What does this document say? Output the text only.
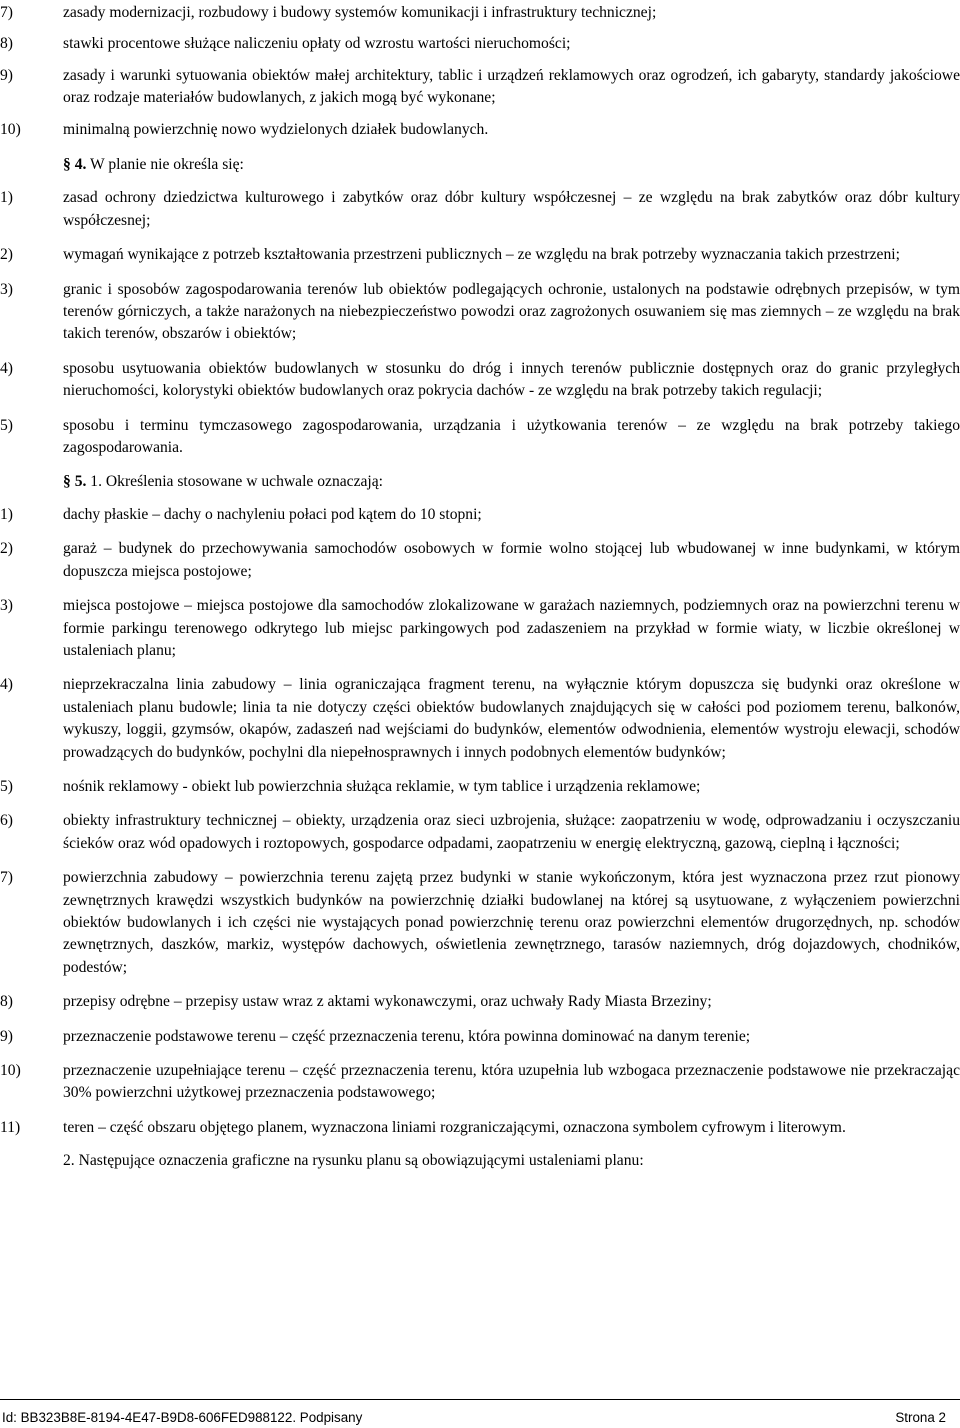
7)	zasady modernizacji, rozbudowy i budowy systemów komunikacji i infrastruktury technicznej;

8)	stawki procentowe służące naliczeniu opłaty od wzrostu wartości nieruchomości;

9)	zasady i warunki sytuowania obiektów małej architektury, tablic i urządzeń reklamowych oraz ogrodzeń, ich gabaryty, standardy jakościowe oraz rodzaje materiałów budowlanych, z jakich mogą być wykonane;

10)	minimalną powierzchnię nowo wydzielonych działek budowlanych.

§ 4. W planie nie określa się:

1)	zasad ochrony dziedzictwa kulturowego i zabytków oraz dóbr kultury współczesnej – ze względu na brak zabytków oraz dóbr kultury współczesnej;

2)	wymagań wynikające z potrzeb kształtowania przestrzeni publicznych – ze względu na brak potrzeby wyznaczania takich przestrzeni;

3)	granic i sposobów zagospodarowania terenów lub obiektów podlegających ochronie, ustalonych na podstawie odrębnych przepisów, w tym terenów górniczych, a także narażonych na niebezpieczeństwo powodzi oraz zagrożonych osuwaniem się mas ziemnych – ze względu na brak takich terenów, obszarów i obiektów;

4)	sposobu usytuowania obiektów budowlanych w stosunku do dróg i innych terenów publicznie dostępnych oraz do granic przyległych nieruchomości, kolorystyki obiektów budowlanych oraz pokrycia dachów - ze względu na brak potrzeby takich regulacji;

5)	sposobu i terminu tymczasowego zagospodarowania, urządzania i użytkowania terenów – ze względu na brak potrzeby takiego zagospodarowania.

§ 5. 1. Określenia stosowane w uchwale oznaczają:

1)	dachy płaskie – dachy o nachyleniu połaci pod kątem do 10 stopni;

2)	garaż – budynek do przechowywania samochodów osobowych w formie wolno stojącej lub wbudowanej w inne budynkami, w którym dopuszcza miejsca postojowe;

3)	miejsca postojowe – miejsca postojowe dla samochodów zlokalizowane w garażach naziemnych, podziemnych oraz na powierzchni terenu w formie parkingu terenowego odkrytego lub miejsc parkingowych pod zadaszeniem na przykład w formie wiaty, w liczbie określonej w ustaleniach planu;

4)	nieprzekraczalna linia zabudowy – linia ograniczająca fragment terenu, na wyłącznie którym dopuszcza się budynki oraz określone w ustaleniach planu budowle; linia ta nie dotyczy części obiektów budowlanych znajdujących się w całości pod poziomem terenu, balkonów, wykuszy, loggii, gzymsów, okapów, zadaszeń nad wejściami do budynków, elementów odwodnienia, elementów wystroju elewacji, schodów prowadzących do budynków, pochylni dla niepełnosprawnych i innych podobnych elementów budynków;

5)	nośnik reklamowy - obiekt lub powierzchnia służąca reklamie, w tym tablice i urządzenia reklamowe;

6)	obiekty infrastruktury technicznej – obiekty, urządzenia oraz sieci uzbrojenia, służące: zaopatrzeniu w wodę, odprowadzaniu i oczyszczaniu ścieków oraz wód opadowych i roztopowych, gospodarce odpadami, zaopatrzeniu w energię elektryczną, gazową, cieplną i łączności;

7)	powierzchnia zabudowy – powierzchnia terenu zajętą przez budynki w stanie wykończonym, która jest wyznaczona przez rzut pionowy zewnętrznych krawędzi wszystkich budynków na powierzchnię działki budowlanej na której są usytuowane, z wyłączeniem powierzchni obiektów budowlanych i ich części nie wystających ponad powierzchnię terenu oraz powierzchni elementów drugorzędnych, np. schodów zewnętrznych, daszków, markiz, występów dachowych, oświetlenia zewnętrznego, tarasów naziemnych, dróg dojazdowych, chodników, podestów;

8)	przepisy odrębne – przepisy ustaw wraz z aktami wykonawczymi, oraz uchwały Rady Miasta Brzeziny;

9)	przeznaczenie podstawowe terenu – część przeznaczenia terenu, która powinna dominować na danym terenie;

10)	przeznaczenie uzupełniające terenu – część przeznaczenia terenu, która uzupełnia lub wzbogaca przeznaczenie podstawowe nie przekraczając 30% powierzchni użytkowej przeznaczenia podstawowego;

11)	teren – część obszaru objętego planem, wyznaczona liniami rozgraniczającymi, oznaczona symbolem cyfrowym i literowym.

2. Następujące oznaczenia graficzne na rysunku planu są obowiązującymi ustaleniami planu:

Id: BB323B8E-8194-4E47-B9D8-606FED988122. Podpisany	Strona 2
